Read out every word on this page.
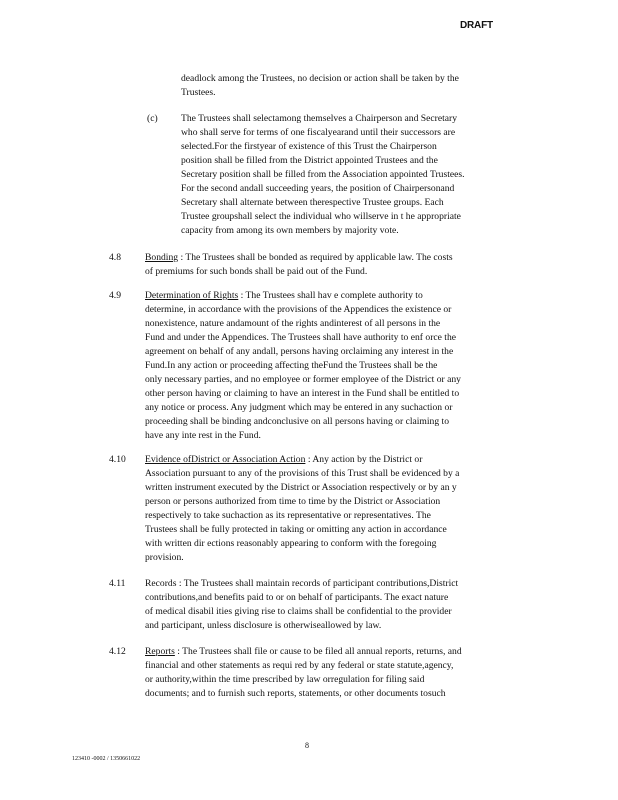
DRAFT
deadlock among the Trustees, no decision or action shall be taken by the
Trustees.
(c) The Trustees shall selectamong themselves a Chairperson and Secretary
who shall serve for terms of one fiscalyearand until their successors are
selected.For the firstyear of existence of this Trust the Chairperson
position shall be filled from the District appointed Trustees and the
Secretary position shall be filled from the Association appointed Trustees.
For the second andall succeeding years, the position of Chairpersonand
Secretary shall alternate between therespective Trustee groups. Each
Trustee groupshall select the individual who willserve in t he appropriate
capacity from among its own members by majority vote.
4.8	Bonding : The Trustees shall be bonded as required by applicable law. The costs
of premiums for such bonds shall be paid out of the Fund.
4.9	Determination of Rights : The Trustees shall hav e complete authority to
determine, in accordance with the provisions of the Appendices the existence or
nonexistence, nature andamount of the rights andinterest of all persons in the
Fund and under the Appendices. The Trustees shall have authority to enf orce the
agreement on behalf of any andall, persons having orclaiming any interest in the
Fund.In any action or proceeding affecting theFund the Trustees shall be the
only necessary parties, and no employee or former employee of the District or any
other person having or claiming to have an interest in the Fund shall be entitled to
any notice or process. Any judgment which may be entered in any suchaction or
proceeding shall be binding andconclusive on all persons having or claiming to
have any inte rest in the Fund.
4.10 Evidence ofDistrict or Association Action : Any action by the District or
Association pursuant to any of the provisions of this Trust shall be evidenced by a
written instrument executed by the District or Association respectively or by an y
person or persons authorized from time to time by the District or Association
respectively to take suchaction as its representative or representatives. The
Trustees shall be fully protected in taking or omitting any action in accordance
with written dir ections reasonably appearing to conform with the foregoing
provision.
4.11 Records : The Trustees shall maintain records of participant contributions,District
contributions,and benefits paid to or on behalf of participants. The exact nature
of medical disabil ities giving rise to claims shall be confidential to the provider
and participant, unless disclosure is otherwiseallowed by law.
4.12 Reports : The Trustees shall file or cause to be filed all annual reports, returns, and
financial and other statements as requi red by any federal or state statute,agency,
or authority,within the time prescribed by law orregulation for filing said
documents; and to furnish such reports, statements, or other documents tosuch
8
123410 -0002 / 1350661022
